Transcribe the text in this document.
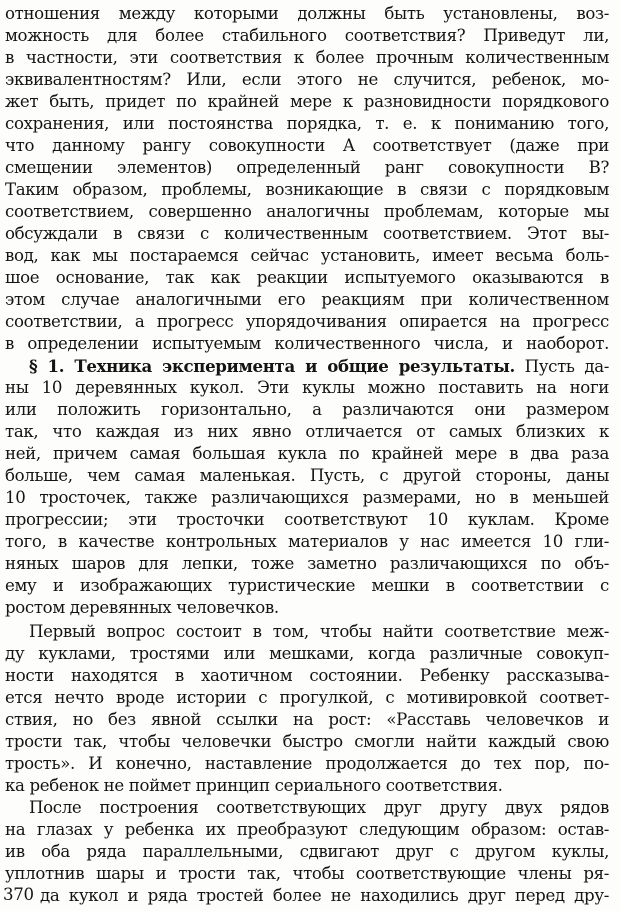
отношения между которыми должны быть установлены, воз-
можность для более стабильного соответствия? Приведут ли,
в частности, эти соответствия к более прочным количественным
эквивалентностям? Или, если этого не случится, ребенок, мо-
жет быть, придет по крайней мере к разновидности порядкового
сохранения, или постоянства порядка, т. е. к пониманию того,
что данному рангу совокупности A соответствует (даже при
смещении элементов) определенный ранг совокупности B?
Таким образом, проблемы, возникающие в связи с порядковым
соответствием, совершенно аналогичны проблемам, которые мы
обсуждали в связи с количественным соответствием. Этот вы-
вод, как мы постараемся сейчас установить, имеет весьма боль-
шое основание, так как реакции испытуемого оказываются в
этом случае аналогичными его реакциям при количественном
соответствии, а прогресс упорядочивания опирается на прогресс
в определении испытуемым количественного числа, и наоборот.
§ 1. Техника эксперимента и общие результаты. Пусть да-
ны 10 деревянных кукол. Эти куклы можно поставить на ноги
или положить горизонтально, а различаются они размером
так, что каждая из них явно отличается от самых близких к
ней, причем самая большая кукла по крайней мере в два раза
больше, чем самая маленькая. Пусть, с другой стороны, даны
10 тросточек, также различающихся размерами, но в меньшей
прогрессии; эти тросточки соответствуют 10 куклам. Кроме
того, в качестве контрольных материалов у нас имеется 10 гли-
няных шаров для лепки, тоже заметно различающихся по объ-
ему и изображающих туристические мешки в соответствии с
ростом деревянных человечков.
Первый вопрос состоит в том, чтобы найти соответствие меж-
ду куклами, тростями или мешками, когда различные совокуп-
ности находятся в хаотичном состоянии. Ребенку рассказыва-
ется нечто вроде истории с прогулкой, с мотивировкой соответ-
ствия, но без явной ссылки на рост: «Расставь человечков и
трости так, чтобы человечки быстро смогли найти каждый свою
трость». И конечно, наставление продолжается до тех пор, по-
ка ребенок не поймет принцип сериального соответствия.
После построения соответствующих друг другу двух рядов
на глазах у ребенка их преобразуют следующим образом: остав-
ив оба ряда параллельными, сдвигают друг с другом куклы,
уплотнив шары и трости так, чтобы соответствующие члены ря-
да кукол и ряда тростей более не находились друг перед дру-
370
